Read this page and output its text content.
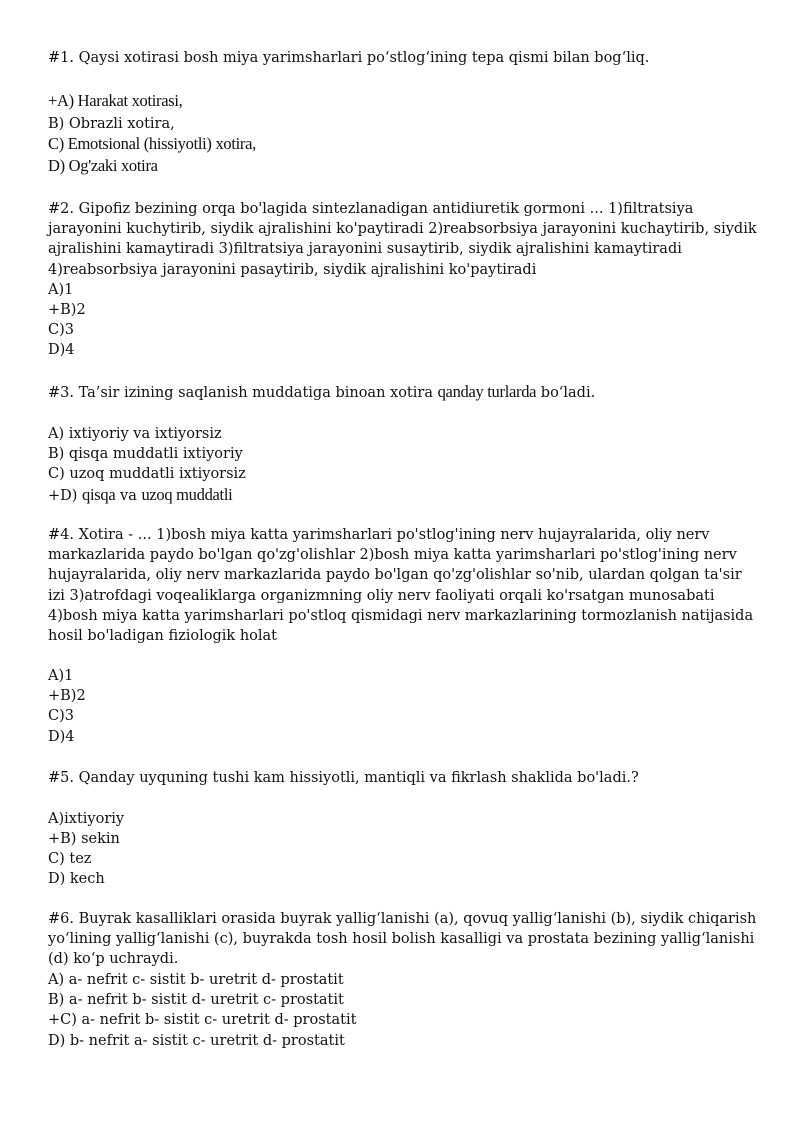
#1. Qaysi xotirasi bosh miya yarimsharlari po‘stlog‘ining tepa qismi bilan bog‘liq.

+A) Harakat xotirasi,

B) Obrazli xotira,

C) Emotsional (hissiyotli) xotira,

D) Og'zaki xotira

#2. Gipofiz bezining orqa bo'lagida sintezlanadigan antidiuretik gormoni ... 1)filtratsiya jarayonini kuchytirib, siydik ajralishini ko'paytiradi 2)reabsorbsiya jarayonini kuchaytirib, siydik ajralishini kamaytiradi 3)filtratsiya jarayonini susaytirib, siydik ajralishini kamaytiradi 4)reabsorbsiya jarayonini pasaytirib, siydik ajralishini ko'paytiradi

A)1

+B)2

C)3

D)4

#3. Ta’sir izining saqlanish muddatiga binoan xotira qanday turlarda bo‘ladi.

A) ixtiyoriy va ixtiyorsiz

B) qisqa muddatli ixtiyoriy

C) uzoq muddatli ixtiyorsiz

+D) qisqa va uzoq muddatli

#4. Xotira - ... 1)bosh miya katta yarimsharlari po'stlog'ining nerv hujayralarida, oliy nerv markazlarida paydo bo'lgan qo'zg'olishlar 2)bosh miya katta yarimsharlari po'stlog'ining nerv hujayralarida, oliy nerv markazlarida paydo bo'lgan qo'zg'olishlar so'nib, ulardan qolgan ta'sir izi 3)atrofdagi voqealiklarga organizmning oliy nerv faoliyati orqali ko'rsatgan munosabati 4)bosh miya katta yarimsharlari po'stloq qismidagi nerv markazlarining tormozlanish natijasida hosil bo'ladigan fiziologik holat

A)1

+B)2

C)3

D)4

#5. Qanday uyquning tushi kam hissiyotli, mantiqli va fikrlash shaklida bo'ladi.?

A)ixtiyoriy

+B) sekin

C) tez

D) kech

#6. Buyrak kasalliklari orasida buyrak yallig‘lanishi (a), qovuq yallig‘lanishi (b), siydik chiqarish yo‘lining yallig‘lanishi (c), buyrakda tosh hosil bolish kasalligi va prostata bezining yallig‘lanishi (d) ko‘p uchraydi.

A) a- nefrit c- sistit b- uretrit d- prostatit

B) a- nefrit b- sistit d- uretrit c- prostatit

+C) a- nefrit b- sistit c- uretrit d- prostatit

D) b- nefrit a- sistit c- uretrit d- prostatit
